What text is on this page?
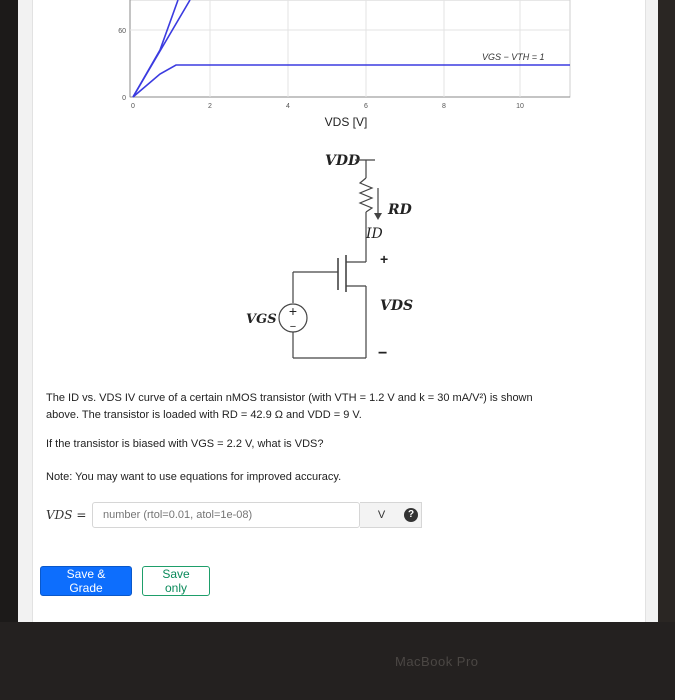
60
0
0	2	4	6	8	10
VDS [V]
VGS − VTH = 1
VDD
RD
ID
+
+
−
VGS
VDS
−
The ID vs. VDS IV curve of a certain nMOS transistor (with VTH = 1.2 V and k = 30 mA/V²) is shown
above. The transistor is loaded with RD = 42.9 Ω and VDD = 9 V.
If the transistor is biased with VGS = 2.2 V, what is VDS?
Note: You may want to use equations for improved accuracy.
VDS =
number (rtol=0.01, atol=1e-08)	V	?
Save & Grade
Save only
MacBook Pro
